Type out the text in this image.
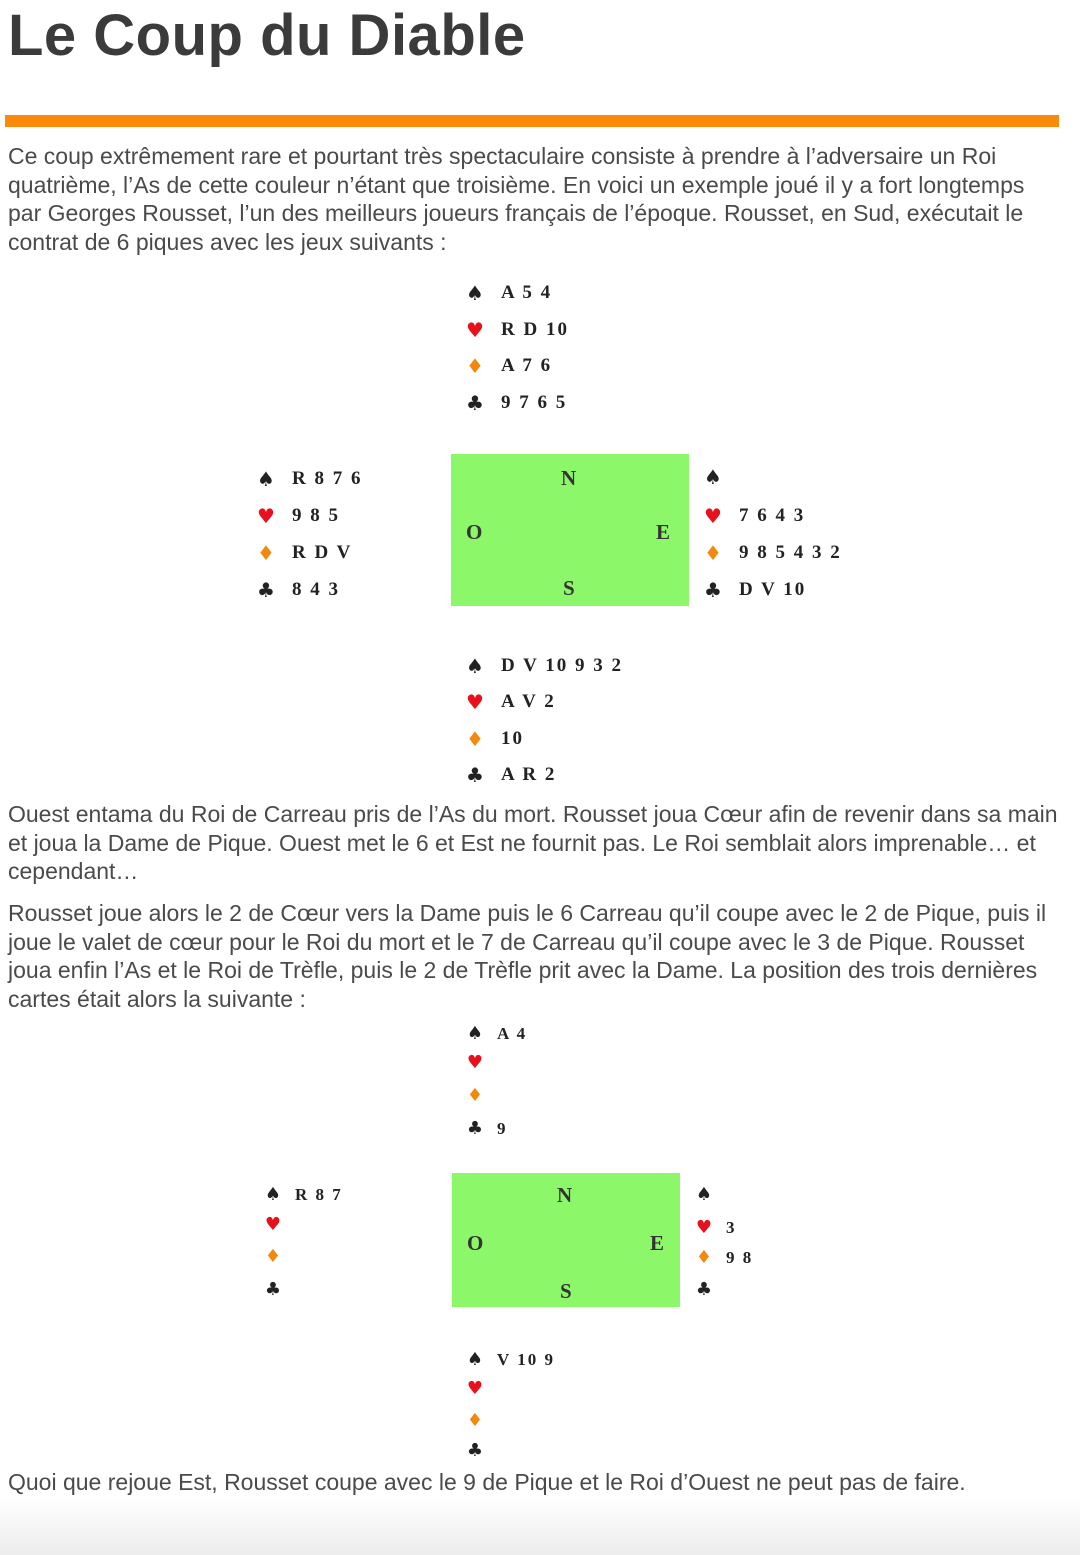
Le Coup du Diable

Ce coup extrêmement rare et pourtant très spectaculaire consiste à prendre à l’adversaire un Roi quatrième, l’As de cette couleur n’étant que troisième. En voici un exemple joué il y a fort longtemps par Georges Rousset, l’un des meilleurs joueurs français de l’époque. Rousset, en Sud, exécutait le contrat de 6 piques avec les jeux suivants :

♠ A 5 4
♥ R D 10
♦ A 7 6
♣ 9 7 6 5
♠ R 8 7 6
♥ 9 8 5
♦ R D V
♣ 8 4 3
N
O	E
S
♠
♥ 7 6 4 3
♦ 9 8 5 4 3 2
♣ D V 10
♠ D V 10 9 3 2
♥ A V 2
♦ 10
♣ A R 2

Ouest entama du Roi de Carreau pris de l’As du mort. Rousset joua Cœur afin de revenir dans sa main et joua la Dame de Pique. Ouest met le 6 et Est ne fournit pas. Le Roi semblait alors imprenable… et cependant…

Rousset joue alors le 2 de Cœur vers la Dame puis le 6 Carreau qu’il coupe avec le 2 de Pique, puis il joue le valet de cœur pour le Roi du mort et le 7 de Carreau qu’il coupe avec le 3 de Pique. Rousset joua enfin l’As et le Roi de Trèfle, puis le 2 de Trèfle prit avec la Dame. La position des trois dernières cartes était alors la suivante :

♠ A 4
♥
♦
♣ 9
♠ R 8 7
♥
♦
♣
N
O	E
S
♠
♥ 3
♦ 9 8
♣
♠ V 10 9
♥
♦
♣

Quoi que rejoue Est, Rousset coupe avec le 9 de Pique et le Roi d’Ouest ne peut pas de faire.
